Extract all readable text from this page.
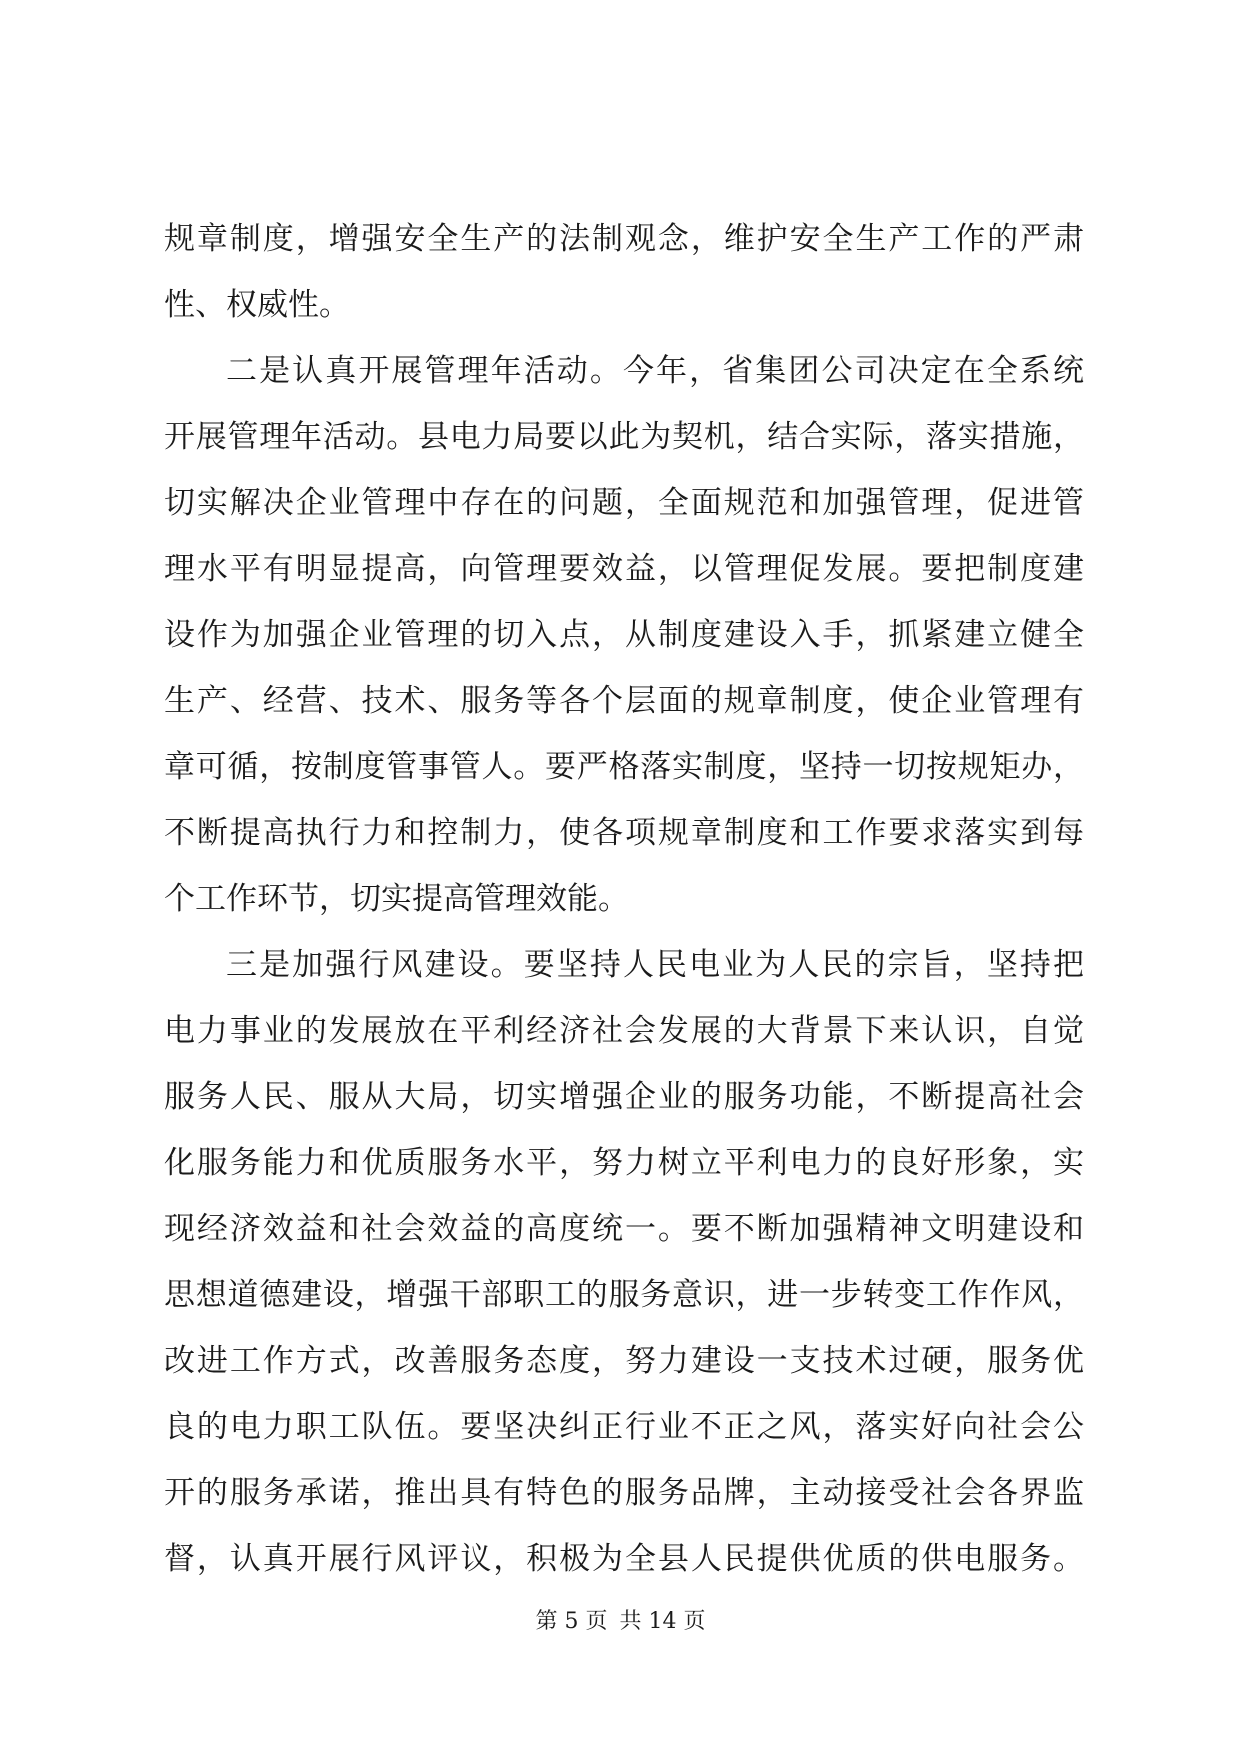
规章制度，增强安全生产的法制观念，维护安全生产工作的严肃
性、权威性。
二是认真开展管理年活动。今年，省集团公司决定在全系统
开展管理年活动。县电力局要以此为契机，结合实际，落实措施，
切实解决企业管理中存在的问题，全面规范和加强管理，促进管
理水平有明显提高，向管理要效益，以管理促发展。要把制度建
设作为加强企业管理的切入点，从制度建设入手，抓紧建立健全
生产、经营、技术、服务等各个层面的规章制度，使企业管理有
章可循，按制度管事管人。要严格落实制度，坚持一切按规矩办，
不断提高执行力和控制力，使各项规章制度和工作要求落实到每
个工作环节，切实提高管理效能。
三是加强行风建设。要坚持人民电业为人民的宗旨，坚持把
电力事业的发展放在平利经济社会发展的大背景下来认识，自觉
服务人民、服从大局，切实增强企业的服务功能，不断提高社会
化服务能力和优质服务水平，努力树立平利电力的良好形象，实
现经济效益和社会效益的高度统一。要不断加强精神文明建设和
思想道德建设，增强干部职工的服务意识，进一步转变工作作风，
改进工作方式，改善服务态度，努力建设一支技术过硬，服务优
良的电力职工队伍。要坚决纠正行业不正之风，落实好向社会公
开的服务承诺，推出具有特色的服务品牌，主动接受社会各界监
督，认真开展行风评议，积极为全县人民提供优质的供电服务。
第 5 页 共 14 页
